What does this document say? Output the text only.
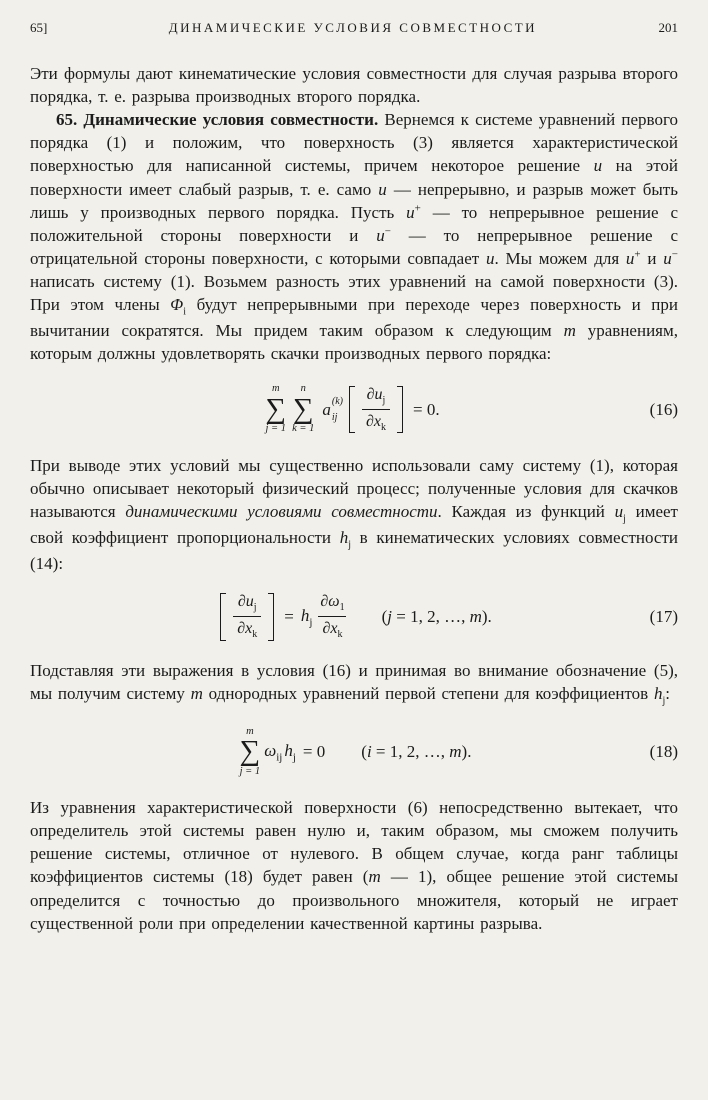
65]	ДИНАМИЧЕСКИЕ УСЛОВИЯ СОВМЕСТНОСТИ	201

Эти формулы дают кинематические условия совместности для случая разрыва второго порядка, т. е. разрыва производных второго порядка.

65. Динамические условия совместности. Вернемся к системе уравнений первого порядка (1) и положим, что поверхность (3) является характеристической поверхностью для написанной системы, причем некоторое решение u на этой поверхности имеет слабый разрыв, т. е. само u — непрерывно, и разрыв может быть лишь у производных первого порядка. Пусть u+ — то непрерывное решение с положительной стороны поверхности и u− — то непрерывное решение с отрицательной стороны поверхности, с которыми совпадает u. Мы можем для u+ и u− написать систему (1). Возьмем разность этих уравнений на самой поверхности (3). При этом члены $\Phi_i$ будут непрерывными при переходе через поверхность и при вычитании сократятся. Мы придем таким образом к следующим m уравнениям, которым должны удовлетворять скачки производных первого порядка:

m
∑
j = 1
n
∑
k = 1
a (k)
ij	$\frac{\partial u_j}{\partial x_k} = 0$.	(16)

При выводе этих условий мы существенно использовали саму систему (1), которая обычно описывает некоторый физический процесс; полученные условия для скачков называются динамическими условиями совместности. Каждая из функций $u_j$ имеет свой коэффициент пропорциональности $h_j$ в кинематических условиях совместности (14):

$\frac{\partial u_j}{\partial x_k} = h_j \frac{\partial\omega_1}{\partial x_k} (j = 1$, 2, …, m).	(17)

Подставляя эти выражения в условия (16) и принимая во внимание обозначение (5), мы получим систему m однородных уравнений первой степени для коэффициентов $h_j$:

m
∑
j = 1
$\omega_{ij}$ $h_j = 0$ (i = 1, 2, …, m).	(18)

Из уравнения характеристической поверхности (6) непосредственно вытекает, что определитель этой системы равен нулю и, таким образом, мы сможем получить решение системы, отличное от нулевого. В общем случае, когда ранг таблицы коэффициентов системы (18) будет равен (m — 1), общее решение этой системы определится с точностью до произвольного множителя, который не играет существенной роли при определении качественной картины разрыва.
